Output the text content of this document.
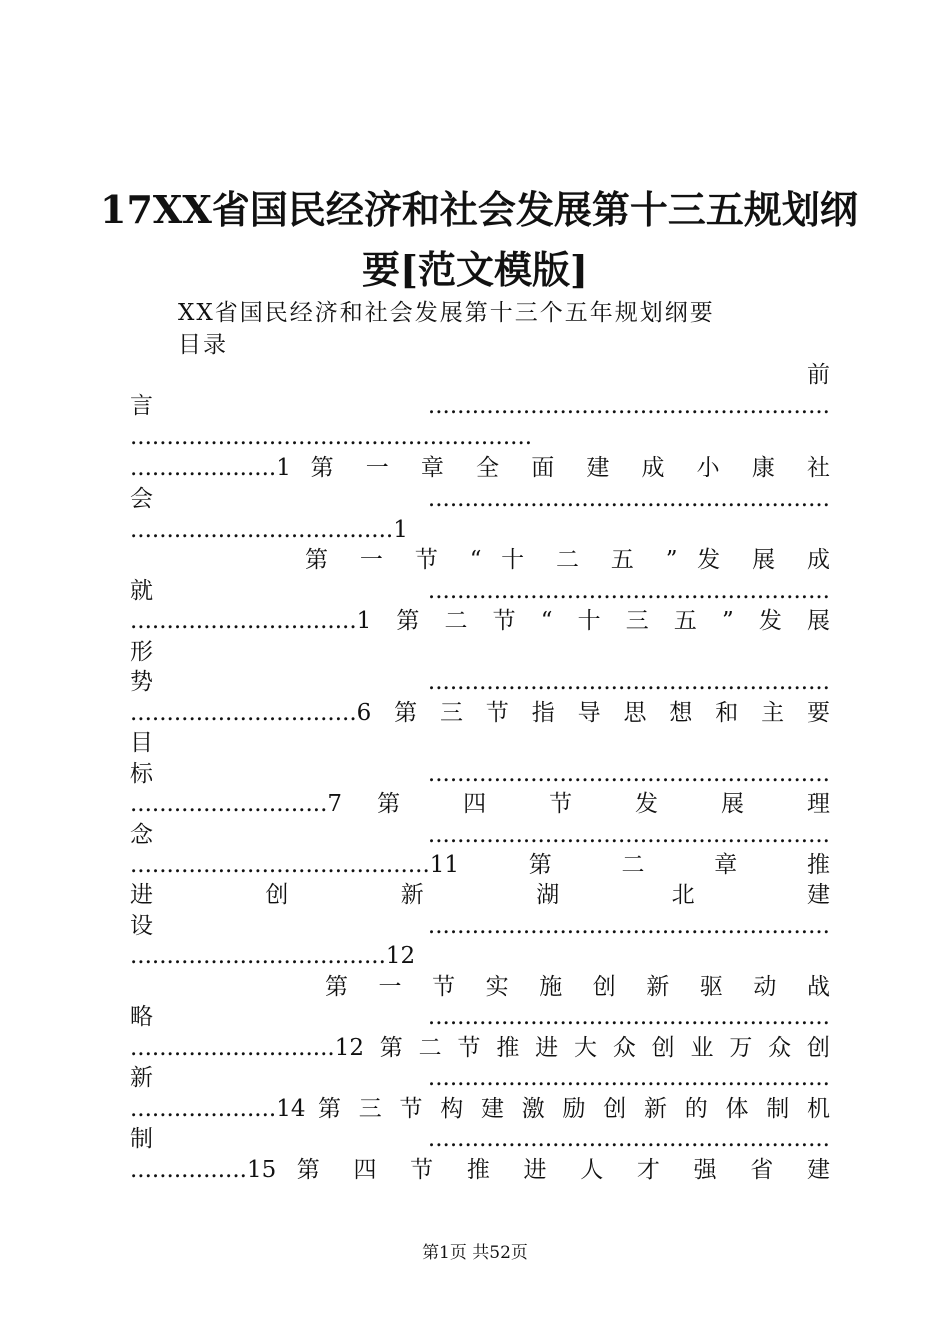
17XX省国民经济和社会发展第十三五规划纲
要[范文模版]
XX省国民经济和社会发展第十三个五年规划纲要
目录
前
言.......................................................
.......................................................
....................1 第 一 章 全 面 建 成 小 康 社
会.......................................................
....................................1
第 一 节 “ 十 二 五 ” 发 展 成
就.......................................................
...............................1第二节“十三五”发展
形
势.......................................................
...............................6第三节指导思想和主要
目
标.......................................................
...........................7 第 四 节 发 展 理
念.......................................................
.........................................11第二章推
进 创 新 湖 北 建
设.......................................................
...................................12
第 一 节 实 施 创 新 驱 动 战
略.......................................................
............................12第二节推进大众创业万众创
新.......................................................
....................14 第 三 节 构 建 激 励 创 新 的 体 制 机
制.......................................................
................15 第 四 节 推 进 人 才 强 省 建
第1页 共52页
